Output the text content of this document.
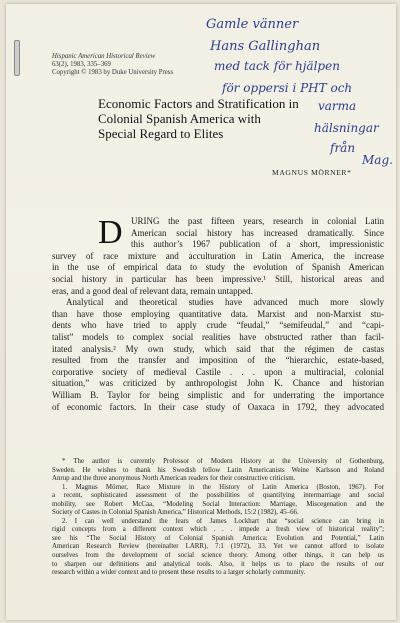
Gamle vänner
Hans Gallinghan
med tack för hjälpen
för oppersi i PHT och
varma
hälsningar
från
Mag.
Hispanic American Historical Review
63(2), 1983, 335–369
Copyright © 1983 by Duke University Press
Economic Factors and Stratification in
Colonial Spanish America with
Special Regard to Elites
MAGNUS MÖRNER*
D URING the past fifteen years, research in colonial Latin
American social history has increased dramatically. Since
this author’s 1967 publication of a short, impressionistic
survey of race mixture and acculturation in Latin America, the increase
in the use of empirical data to study the evolution of Spanish American
social history in particular has been impressive.¹ Still, historical areas and
eras, and a good deal of relevant data, remain untapped.
Analytical and theoretical studies have advanced much more slowly
than have those employing quantitative data. Marxist and non-Marxist stu-
dents who have tried to apply crude “feudal,” “semifeudal,” and “capi-
talist” models to complex social realities have obstructed rather than facil-
itated analysis.² My own study, which said that the régimen de castas
resulted from the transfer and imposition of the “hierarchic, estate-based,
corporative society of medieval Castile . . . upon a multiracial, colonial
situation,” was criticized by anthropologist John K. Chance and historian
William B. Taylor for being simplistic and for underrating the importance
of economic factors. In their case study of Oaxaca in 1792, they advocated
* The author is currently Professor of Modern History at the University of Gothenburg,
Sweden. He wishes to thank his Swedish fellow Latin Americanists Weine Karlsson and Roland
Anrup and the three anonymous North American readers for their constructive criticism.
1. Magnus Mörner, Race Mixture in the History of Latin America (Boston, 1967). For
a recent, sophisticated assessment of the possibilities of quantifying intermarriage and social
mobility, see Robert McCaa, “Modeling Social Interaction: Marriage, Miscegenation and the
Society of Castes in Colonial Spanish America,” Historical Methods, 15:2 (1982), 45–66.
2. I can well understand the fears of James Lockhart that “social science can bring in
rigid concepts from a different context which . . . impede a fresh view of historical reality”;
see his “The Social History of Colonial Spanish America: Evolution and Potential,” Latin
American Research Review (hereinafter LARR), 7:1 (1972), 33. Yet we cannot afford to isolate
ourselves from the development of social science theory. Among other things, it can help us
to sharpen our definitions and analytical tools. Also, it helps us to place the results of our
research within a wider context and to present these results to a larger scholarly community.
